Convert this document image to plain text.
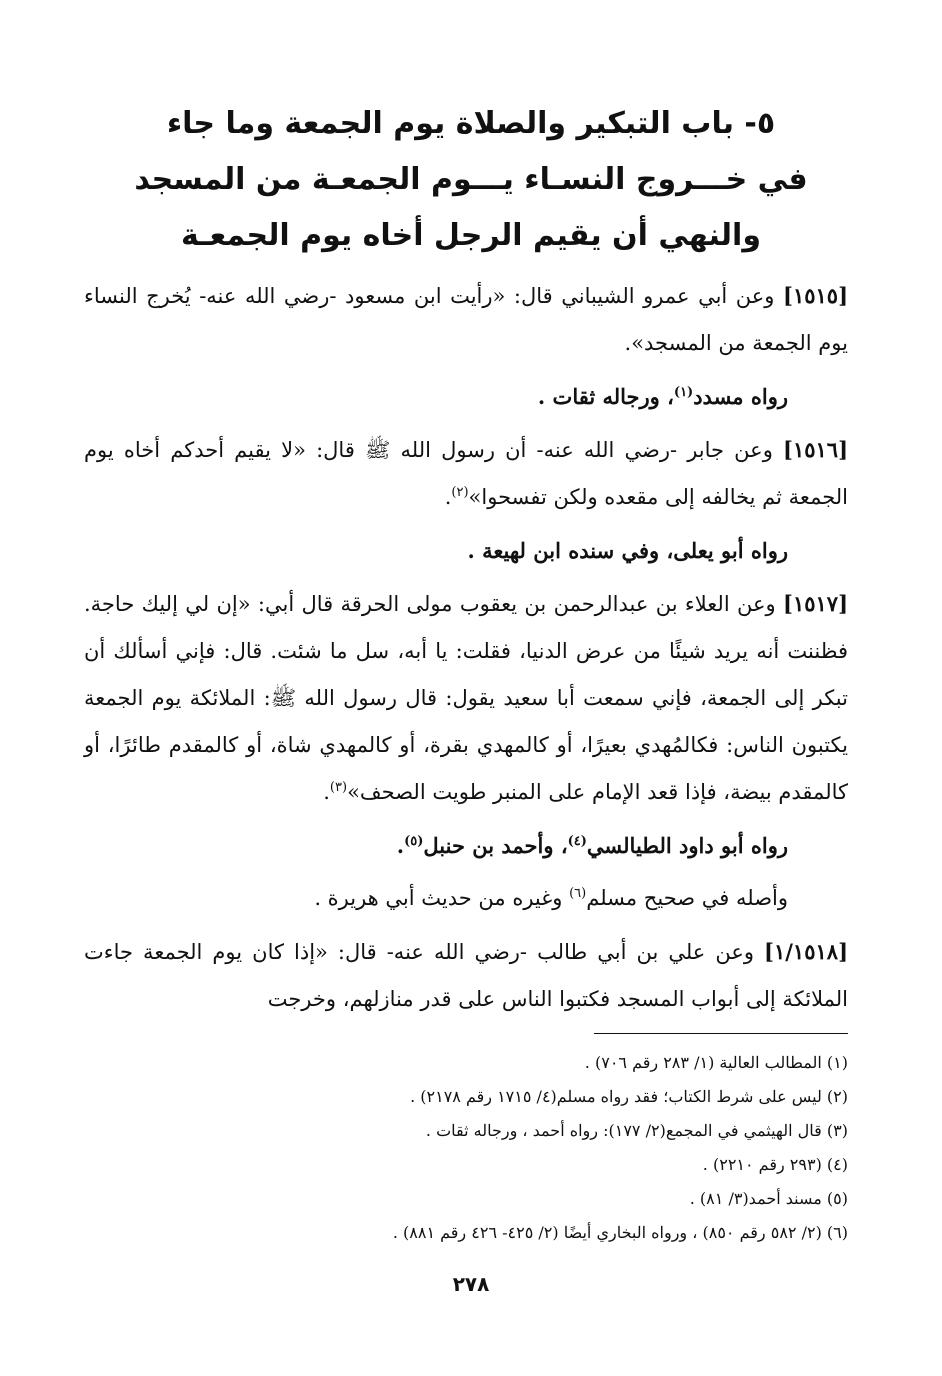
٥- باب التبكير والصلاة يوم الجمعة وما جاء
في خـــروج النسـاء يـــوم الجمعـة من المسجد
والنهي أن يقيم الرجل أخاه يوم الجمعـة

[١٥١٥] وعن أبي عمرو الشيباني قال: «رأيت ابن مسعود -رضي الله عنه- يُخرج النساء يوم الجمعة من المسجد».

رواه مسدد$^{(١)}$، ورجاله ثقات .

[١٥١٦] وعن جابر -رضي الله عنه- أن رسول الله ﷺ قال: «لا يقيم أحدكم أخاه يوم الجمعة ثم يخالفه إلى مقعده ولكن تفسحوا»$^{(٢)}$.

رواه أبو يعلى، وفي سنده ابن لهيعة .

[١٥١٧] وعن العلاء بن عبدالرحمن بن يعقوب مولى الحرقة قال أبي: «إن لي إليك حاجة. فظننت أنه يريد شيئًا من عرض الدنيا، فقلت: يا أبه، سل ما شئت. قال: فإني أسألك أن تبكر إلى الجمعة، فإني سمعت أبا سعيد يقول: قال رسول الله ﷺ: الملائكة يوم الجمعة يكتبون الناس: فكالمُهدي بعيرًا، أو كالمهدي بقرة، أو كالمهدي شاة، أو كالمقدم طائرًا، أو كالمقدم بيضة، فإذا قعد الإمام على المنبر طويت الصحف»$^{(٣)}$.

رواه أبو داود الطيالسي$^{(٤)}$، وأحمد بن حنبل$^{(٥)}$.

وأصله في صحيح مسلم$^{(٦)}$ وغيره من حديث أبي هريرة .

[١/١٥١٨] وعن علي بن أبي طالب -رضي الله عنه- قال: «إذا كان يوم الجمعة جاءت الملائكة إلى أبواب المسجد فكتبوا الناس على قدر منازلهم، وخرجت

(١) المطالب العالية (١/ ٢٨٣ رقم ٧٠٦) .
(٢) ليس على شرط الكتاب؛ فقد رواه مسلم(٤/ ١٧١٥ رقم ٢١٧٨) .
(٣) قال الهيثمي في المجمع(٢/ ١٧٧): رواه أحمد ، ورجاله ثقات .
(٤) (٢٩٣ رقم ٢٢١٠) .
(٥) مسند أحمد(٣/ ٨١) .
(٦) (٢/ ٥٨٢ رقم ٨٥٠) ، ورواه البخاري أيضًا (٢/ ٤٢٥- ٤٢٦ رقم ٨٨١) .
٢٧٨
